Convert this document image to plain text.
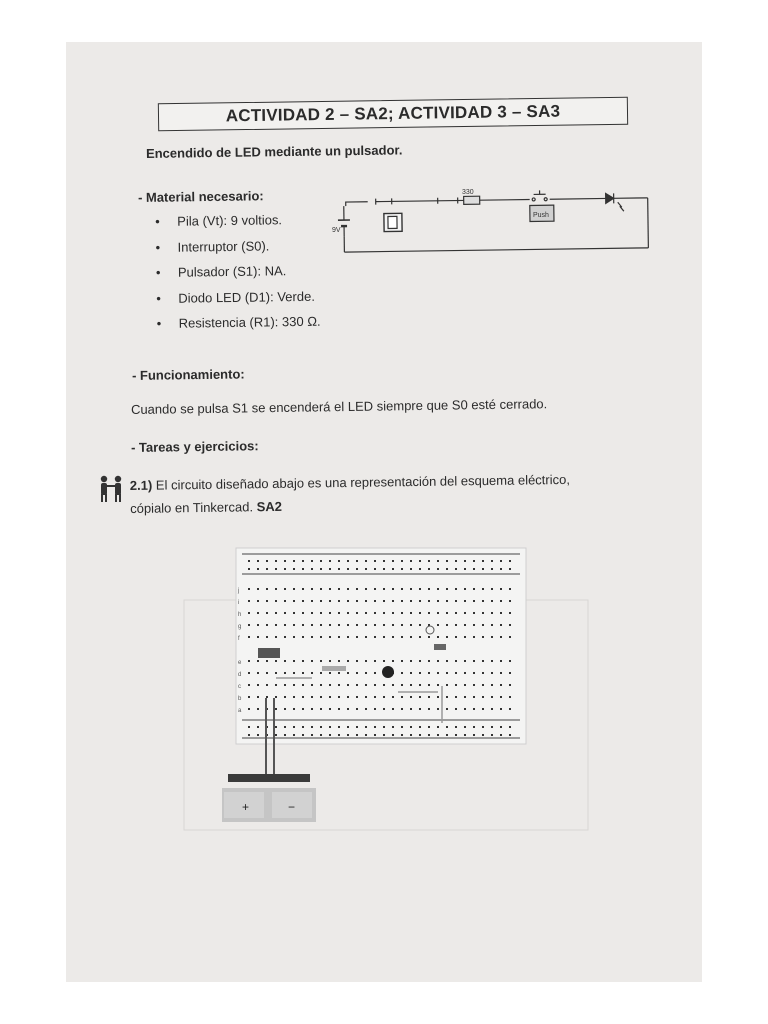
ACTIVIDAD 2 – SA2; ACTIVIDAD 3 – SA3
Encendido de LED mediante un pulsador.
- Material necesario:
• Pila (Vt): 9 voltios.
• Interruptor (S0).
• Pulsador (S1): NA.
• Diodo LED (D1): Verde.
• Resistencia (R1): 330 Ω.
9V
330
Push
- Funcionamiento:
Cuando se pulsa S1 se encenderá el LED siempre que S0 esté cerrado.
- Tareas y ejercicios:
2.1) El circuito diseñado abajo es una representación del esquema eléctrico,
cópialo en Tinkercad. SA2
+	−
j
i
h
g
f
e
d
c
b
a
